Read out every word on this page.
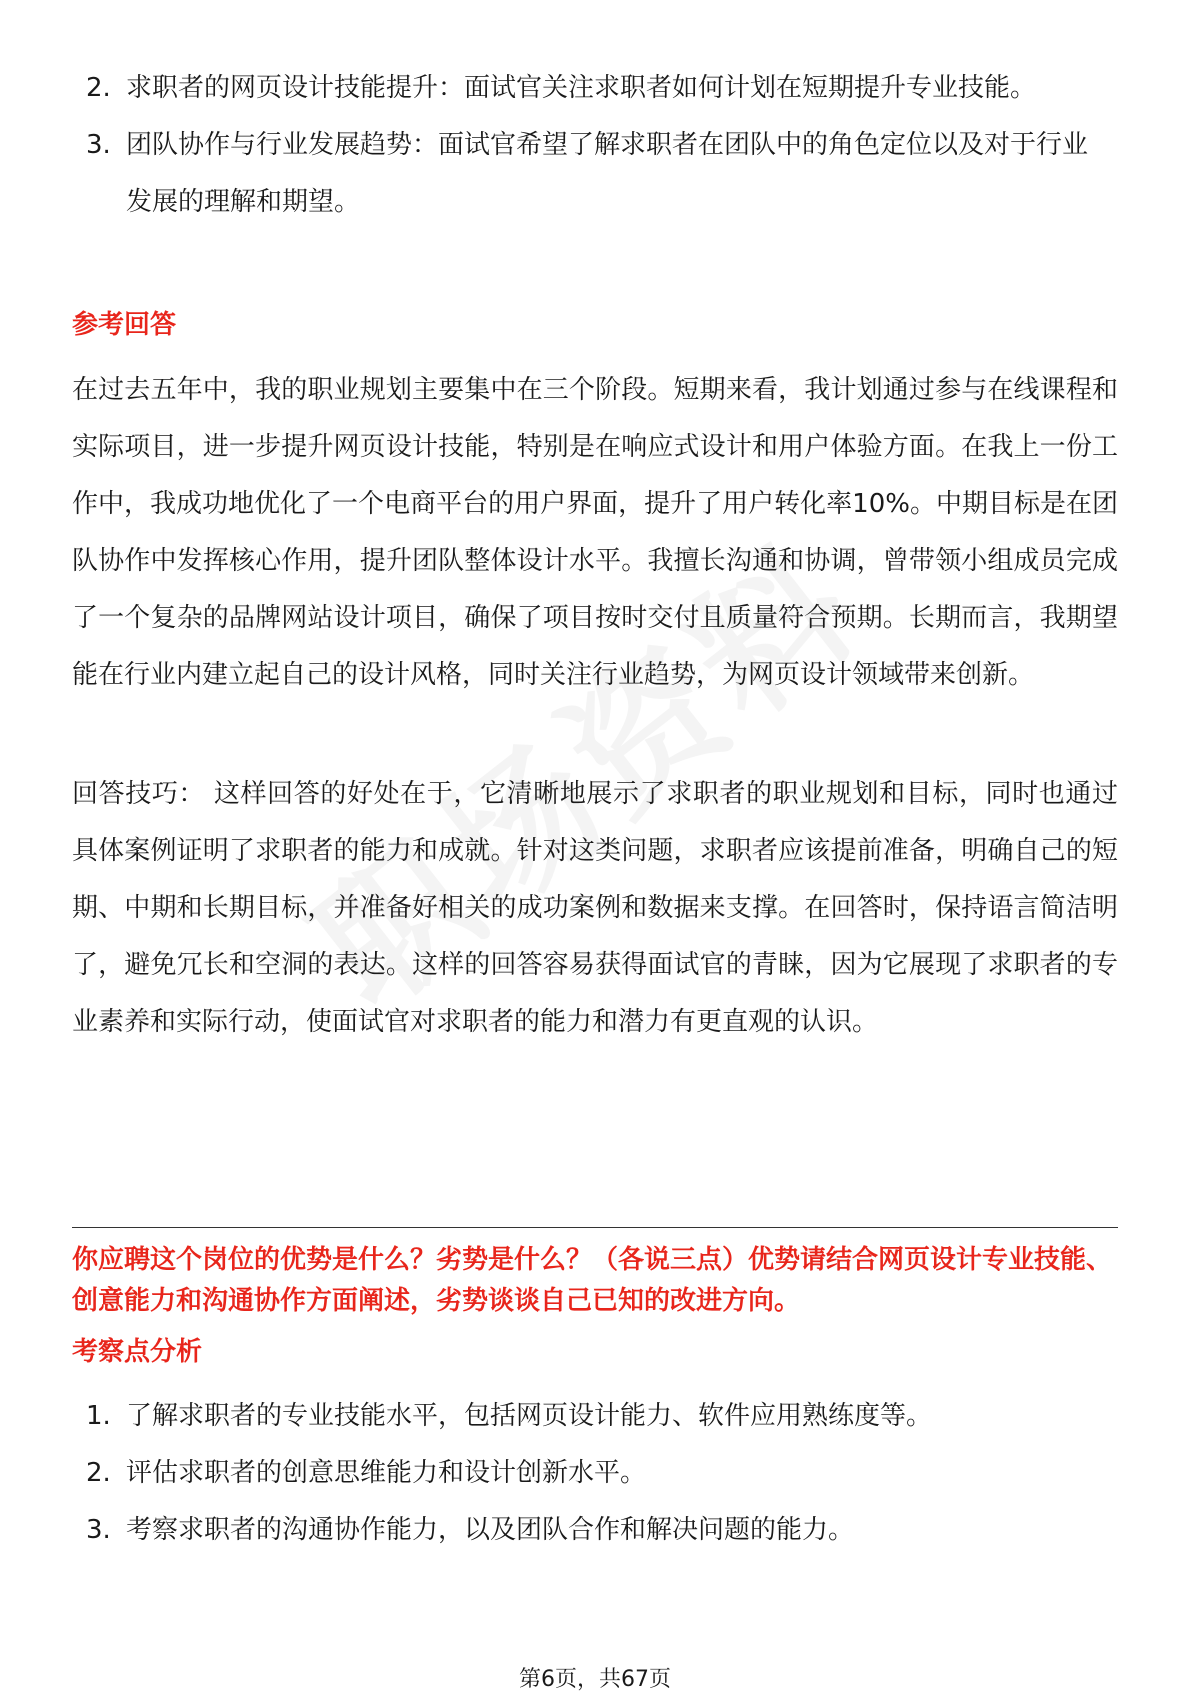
2. 求职者的网页设计技能提升：面试官关注求职者如何计划在短期提升专业技能。
3. 团队协作与行业发展趋势：面试官希望了解求职者在团队中的角色定位以及对于行业发展的理解和期望。
参考回答

在过去五年中，我的职业规划主要集中在三个阶段。短期来看，我计划通过参与在线课程和实际项目，进一步提升网页设计技能，特别是在响应式设计和用户体验方面。在我上一份工作中，我成功地优化了一个电商平台的用户界面，提升了用户转化率10%。中期目标是在团队协作中发挥核心作用，提升团队整体设计水平。我擅长沟通和协调，曾带领小组成员完成了一个复杂的品牌网站设计项目，确保了项目按时交付且质量符合预期。长期而言，我期望能在行业内建立起自己的设计风格，同时关注行业趋势，为网页设计领域带来创新。

回答技巧： 这样回答的好处在于，它清晰地展示了求职者的职业规划和目标，同时也通过具体案例证明了求职者的能力和成就。针对这类问题，求职者应该提前准备，明确自己的短期、中期和长期目标，并准备好相关的成功案例和数据来支撑。在回答时，保持语言简洁明了，避免冗长和空洞的表达。这样的回答容易获得面试官的青睐，因为它展现了求职者的专业素养和实际行动，使面试官对求职者的能力和潜力有更直观的认识。

你应聘这个岗位的优势是什么？劣势是什么？（各说三点）优势请结合网页设计专业技能、创意能力和沟通协作方面阐述，劣势谈谈自己已知的改进方向。

考察点分析
1. 了解求职者的专业技能水平，包括网页设计能力、软件应用熟练度等。
2. 评估求职者的创意思维能力和设计创新水平。
3. 考察求职者的沟通协作能力，以及团队合作和解决问题的能力。
第6页，共67页
